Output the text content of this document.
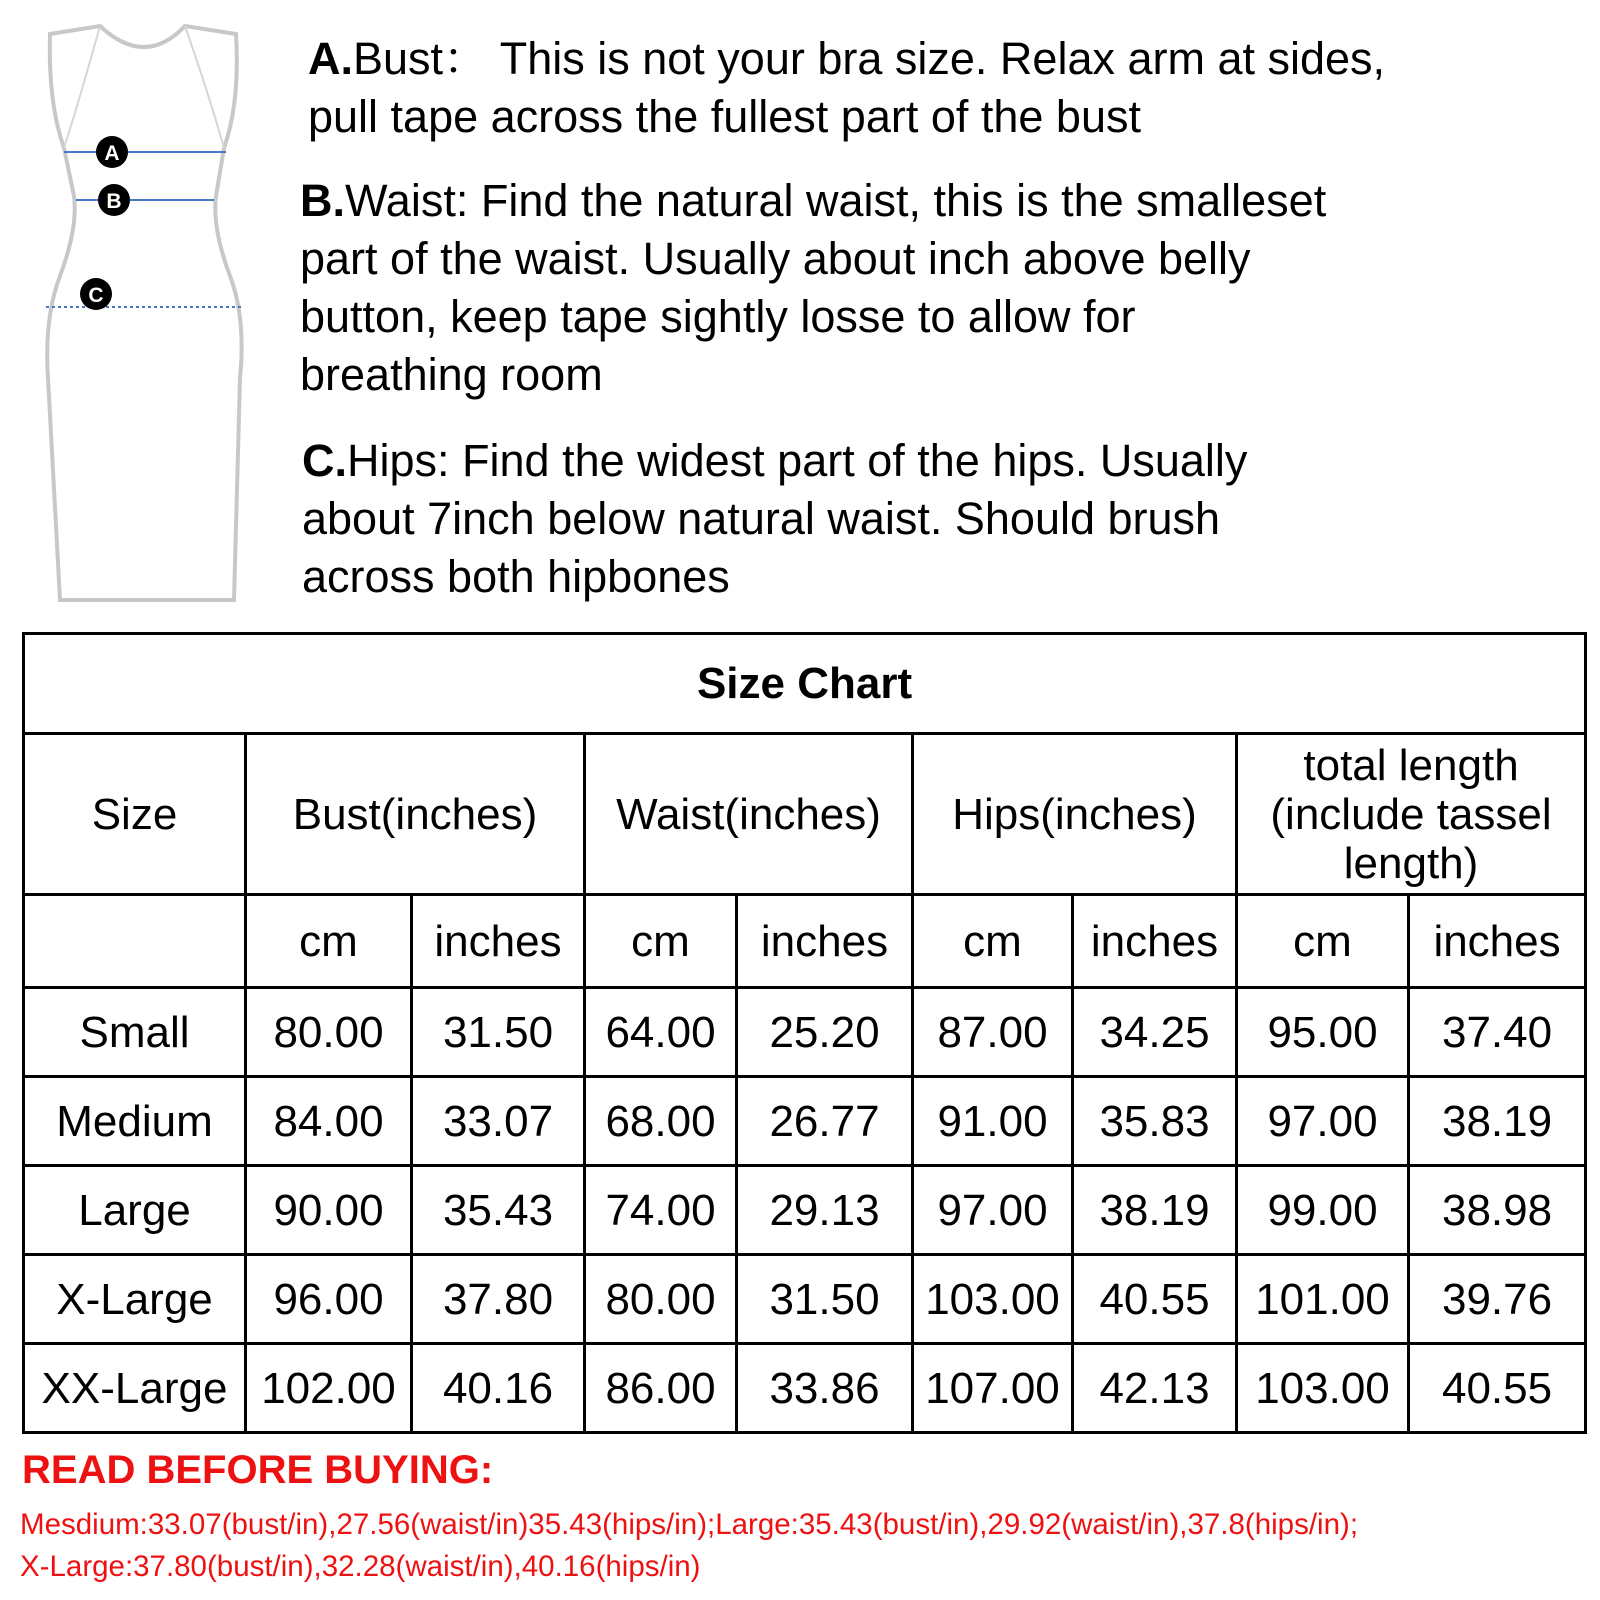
A
B
C
A.Bust： This is not your bra size. Relax arm at sides,
pull tape across the fullest part of the bust
B.Waist: Find the natural waist, this is the smalleset
part of the waist. Usually about inch above belly
button, keep tape sightly losse to allow for
breathing room
C.Hips: Find the widest part of the hips. Usually
about 7inch below natural waist. Should brush
across both hipbones
Size Chart								
Size	Bust(inches)		Waist(inches)		Hips(inches)		total length
(include tassel
length)	
	cm	inches	cm	inches	cm	inches	cm	inches
Small	80.00	31.50	64.00	25.20	87.00	34.25	95.00	37.40
Medium	84.00	33.07	68.00	26.77	91.00	35.83	97.00	38.19
Large	90.00	35.43	74.00	29.13	97.00	38.19	99.00	38.98
X-Large	96.00	37.80	80.00	31.50	103.00	40.55	101.00	39.76
XX-Large	102.00	40.16	86.00	33.86	107.00	42.13	103.00	40.55
READ BEFORE BUYING:
Mesdium:33.07(bust/in),27.56(waist/in)35.43(hips/in);Large:35.43(bust/in),29.92(waist/in),37.8(hips/in);
X-Large:37.80(bust/in),32.28(waist/in),40.16(hips/in)
